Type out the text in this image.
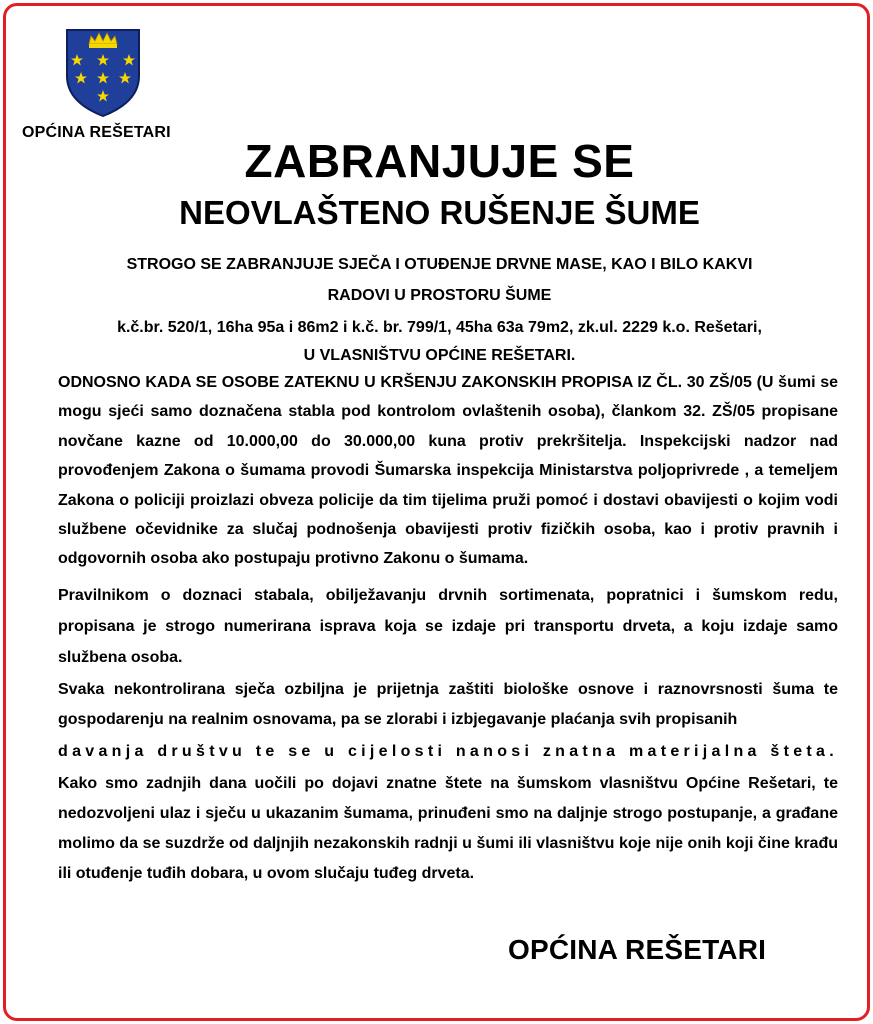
OPĆINA REŠETARI
ZABRANJUJE SE
NEOVLAŠTENO RUŠENJE ŠUME
STROGO SE ZABRANJUJE SJEČA I OTUĐENJE DRVNE MASE, KAO I BILO KAKVI
RADOVI U PROSTORU ŠUME
k.č.br. 520/1, 16ha 95a i 86m2 i k.č. br. 799/1, 45ha 63a 79m2, zk.ul. 2229 k.o. Rešetari,
U VLASNIŠTVU OPĆINE REŠETARI.

ODNOSNO KADA SE OSOBE ZATEKNU U KRŠENJU ZAKONSKIH PROPISA IZ ČL. 30 ZŠ/05 (U šumi se mogu sjeći samo doznačena stabla pod kontrolom ovlaštenih osoba), člankom 32. ZŠ/05 propisane novčane kazne od 10.000,00 do 30.000,00 kuna protiv prekršitelja. Inspekcijski nadzor nad provođenjem Zakona o šumama provodi Šumarska inspekcija Ministarstva poljoprivrede , a temeljem Zakona o policiji proizlazi obveza policije da tim tijelima pruži pomoć i dostavi obavijesti o kojim vodi službene očevidnike za slučaj podnošenja obavijesti protiv fizičkih osoba, kao i protiv pravnih i odgovornih osoba ako postupaju protivno Zakonu o šumama.

Pravilnikom o doznaci stabala, obilježavanju drvnih sortimenata, popratnici i šumskom redu, propisana je strogo numerirana isprava koja se izdaje pri transportu drveta, a koju izdaje samo službena osoba.

Svaka nekontrolirana sječa ozbiljna je prijetnja zaštiti biološke osnove i raznovrsnosti šuma te gospodarenju na realnim osnovama, pa se zlorabi i izbjegavanje plaćanja svih propisanih

davanja društvu te se u cijelosti nanosi znatna materijalna šteta.

Kako smo zadnjih dana uočili po dojavi znatne štete na šumskom vlasništvu Općine Rešetari, te nedozvoljeni ulaz i sječu u ukazanim šumama, prinuđeni smo na daljnje strogo postupanje, a građane molimo da se suzdrže od daljnjih nezakonskih radnji u šumi ili vlasništvu koje nije onih koji čine krađu ili otuđenje tuđih dobara, u ovom slučaju tuđeg drveta.

OPĆINA REŠETARI
